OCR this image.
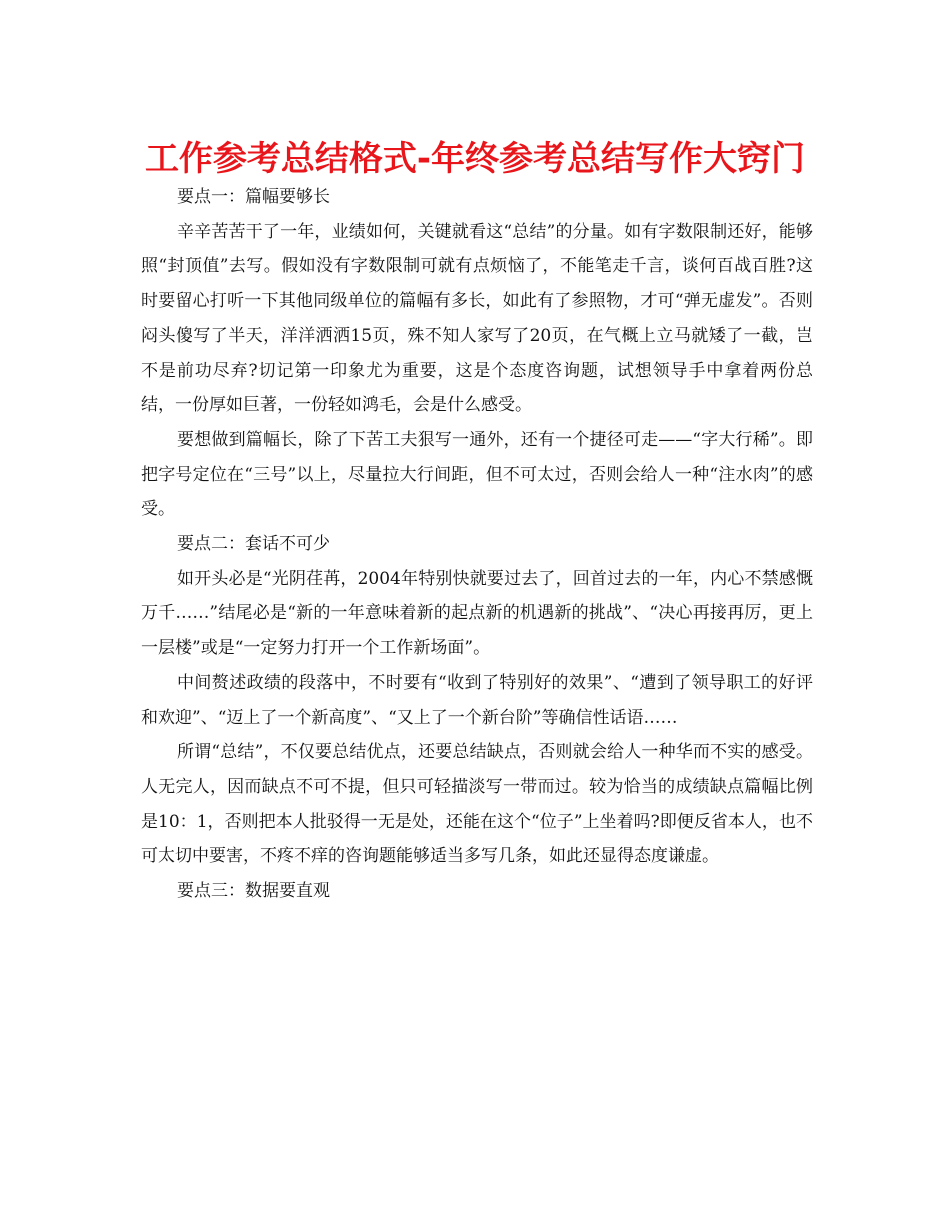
工作参考总结格式-年终参考总结写作大窍门

要点一：篇幅要够长

辛辛苦苦干了一年，业绩如何，关键就看这“总结”的分量。如有字数限制还好，能够照“封顶值”去写。假如没有字数限制可就有点烦恼了，不能笔走千言，谈何百战百胜?这时要留心打听一下其他同级单位的篇幅有多长，如此有了参照物，才可“弹无虚发”。否则闷头傻写了半天，洋洋洒洒15页，殊不知人家写了20页，在气概上立马就矮了一截，岂不是前功尽弃?切记第一印象尤为重要，这是个态度咨询题，试想领导手中拿着两份总结，一份厚如巨著，一份轻如鸿毛，会是什么感受。

要想做到篇幅长，除了下苦工夫狠写一通外，还有一个捷径可走——“字大行稀”。即把字号定位在“三号”以上，尽量拉大行间距，但不可太过，否则会给人一种“注水肉”的感受。

要点二：套话不可少

如开头必是“光阴荏苒，2004年特别快就要过去了，回首过去的一年，内心不禁感慨万千……”结尾必是“新的一年意味着新的起点新的机遇新的挑战”、“决心再接再厉，更上一层楼”或是“一定努力打开一个工作新场面”。

中间赘述政绩的段落中，不时要有“收到了特别好的效果”、“遭到了领导职工的好评和欢迎”、“迈上了一个新高度”、“又上了一个新台阶”等确信性话语……

所谓“总结”，不仅要总结优点，还要总结缺点，否则就会给人一种华而不实的感受。人无完人，因而缺点不可不提，但只可轻描淡写一带而过。较为恰当的成绩缺点篇幅比例是10：1，否则把本人批驳得一无是处，还能在这个“位子”上坐着吗?即便反省本人，也不可太切中要害，不疼不痒的咨询题能够适当多写几条，如此还显得态度谦虚。

要点三：数据要直观
